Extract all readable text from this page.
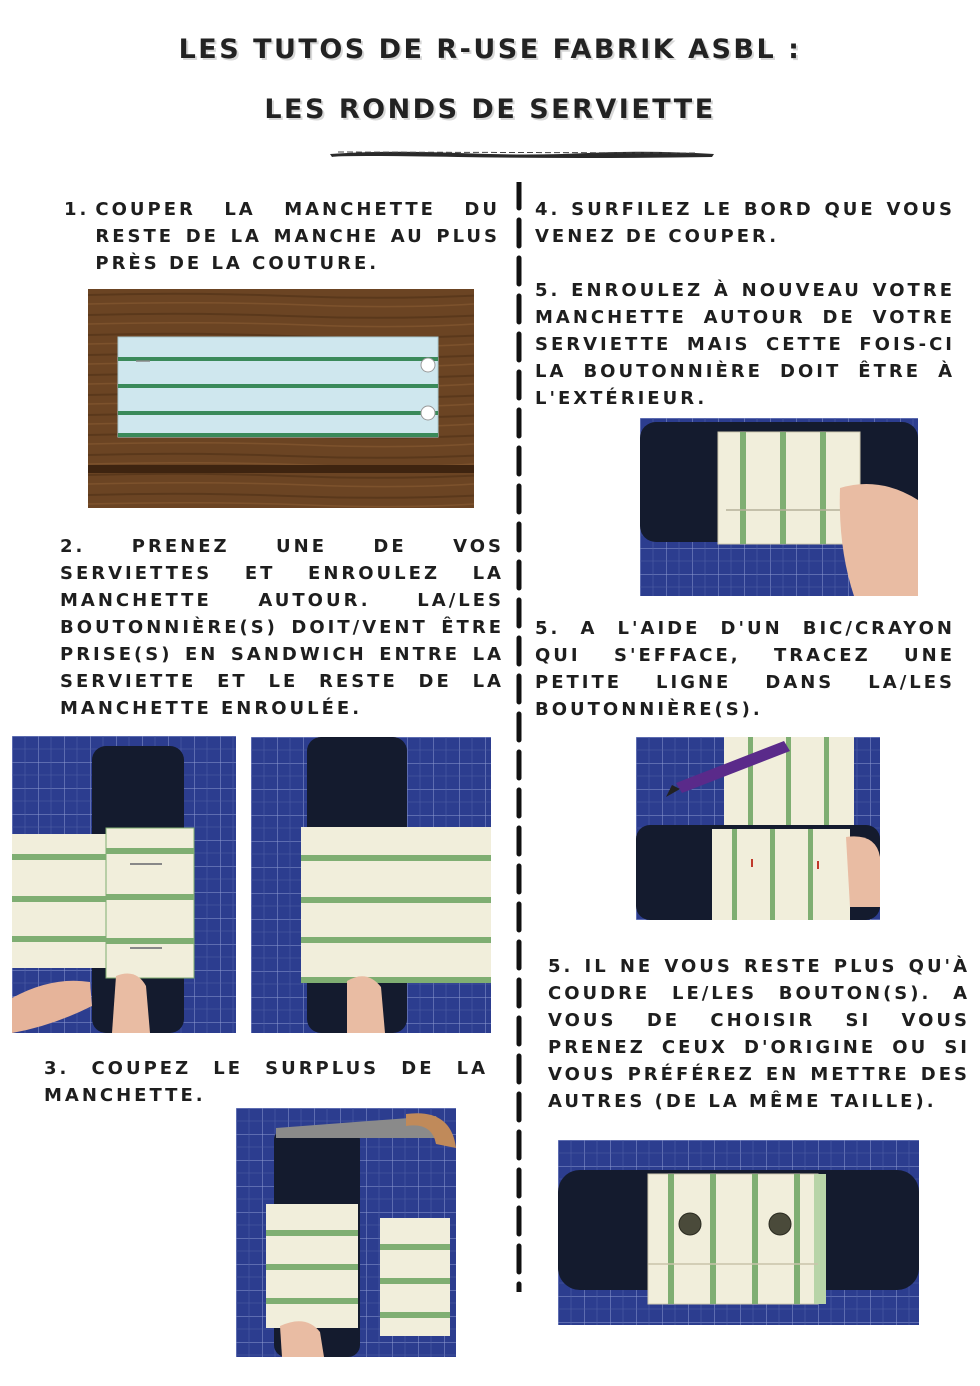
LES TUTOS DE R-USE FABRIK ASBL :
LES RONDS DE SERVIETTE
1. COUPER LA MANCHETTE DU RESTE DE LA MANCHE AU PLUS PRÈS DE LA COUTURE.
2. PRENEZ UNE DE VOS SERVIETTES ET ENROULEZ LA MANCHETTE AUTOUR. LA/LES BOUTONNIÈRE(S) DOIT/VENT ÊTRE PRISE(S) EN SANDWICH ENTRE LA SERVIETTE ET LE RESTE DE LA MANCHETTE ENROULÉE.
3. COUPEZ LE SURPLUS DE LA MANCHETTE.
4. SURFILEZ LE BORD QUE VOUS VENEZ DE COUPER.
5. ENROULEZ À NOUVEAU VOTRE MANCHETTE AUTOUR DE VOTRE SERVIETTE MAIS CETTE FOIS-CI LA BOUTONNIÈRE DOIT ÊTRE À L'EXTÉRIEUR.
5. A L'AIDE D'UN BIC/CRAYON QUI S'EFFACE, TRACEZ UNE PETITE LIGNE DANS LA/LES BOUTONNIÈRE(S).
5. IL NE VOUS RESTE PLUS QU'À COUDRE LE/LES BOUTON(S). A VOUS DE CHOISIR SI VOUS PRENEZ CEUX D'ORIGINE OU SI VOUS PRÉFÉREZ EN METTRE DES AUTRES (DE LA MÊME TAILLE).
